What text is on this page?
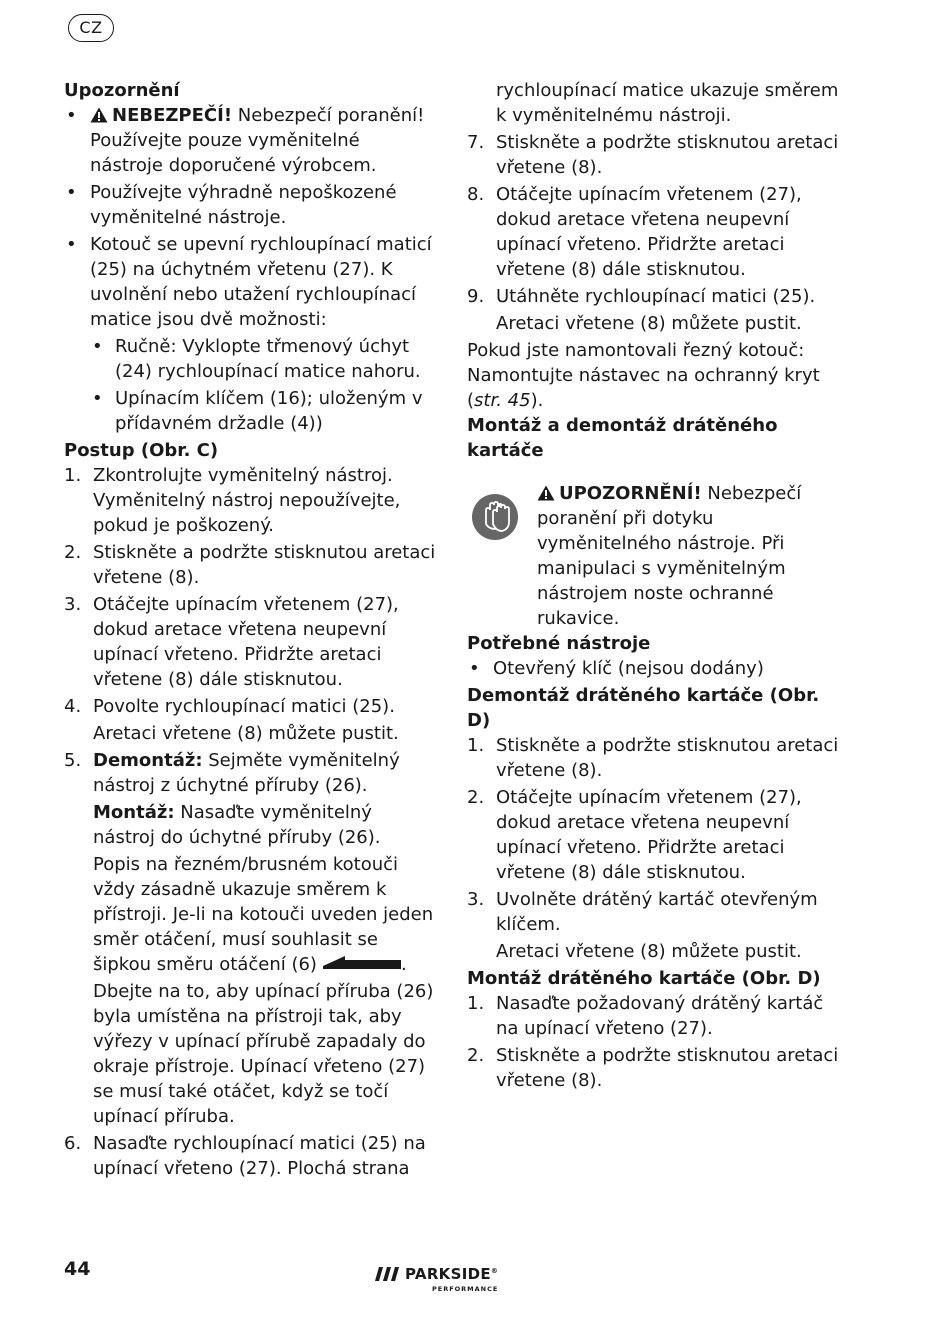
CZ

Upozornění

• NEBEZPEČÍ! Nebezpečí poranění! Používejte pouze vyměnitelné nástroje doporučené výrobcem.
• Používejte výhradně nepoškozené vyměnitelné nástroje.
• Kotouč se upevní rychloupínací maticí (25) na úchytném vřetenu (27). K uvolnění nebo utažení rychloupínací matice jsou dvě možnosti:
• Ručně: Vyklopte třmenový úchyt (24) rychloupínací matice nahoru.
• Upínacím klíčem (16); uloženým v přídavném držadle (4))

Postup (Obr. C)

1. Zkontrolujte vyměnitelný nástroj. Vyměnitelný nástroj nepoužívejte, pokud je poškozený.
2. Stiskněte a podržte stisknutou aretaci vřetene (8).
3. Otáčejte upínacím vřetenem (27), dokud aretace vřetena neupevní upínací vřeteno. Přidržte aretaci vřetene (8) dále stisknutou.
4. Povolte rychloupínací matici (25).
Aretaci vřetene (8) můžete pustit.
5. Demontáž: Sejměte vyměnitelný nástroj z úchytné příruby (26).
Montáž: Nasaďte vyměnitelný nástroj do úchytné příruby (26).
Popis na řezném/brusném kotouči vždy zásadně ukazuje směrem k přístroji. Je-li na kotouči uveden jeden směr otáčení, musí souhlasit se šipkou směru otáčení (6)	.
Dbejte na to, aby upínací příruba (26) byla umístěna na přístroji tak, aby výřezy v upínací přírubě zapadaly do okraje přístroje. Upínací vřeteno (27) se musí také otáčet, když se točí upínací příruba.
6. Nasaďte rychloupínací matici (25) na upínací vřeteno (27). Plochá strana
rychloupínací matice ukazuje směrem k vyměnitelnému nástroji.
7. Stiskněte a podržte stisknutou aretaci vřetene (8).
8. Otáčejte upínacím vřetenem (27), dokud aretace vřetena neupevní upínací vřeteno. Přidržte aretaci vřetene (8) dále stisknutou.
9. Utáhněte rychloupínací matici (25).
Aretaci vřetene (8) můžete pustit.

Pokud jste namontovali řezný kotouč: Namontujte nástavec na ochranný kryt (str. 45).

Montáž a demontáž drátěného kartáče

UPOZORNĚNÍ! Nebezpečí poranění při dotyku vyměnitelného nástroje. Při manipulaci s vyměnitelným nástrojem noste ochranné rukavice.

Potřebné nástroje

• Otevřený klíč (nejsou dodány)

Demontáž drátěného kartáče (Obr. D)

1. Stiskněte a podržte stisknutou aretaci vřetene (8).
2. Otáčejte upínacím vřetenem (27), dokud aretace vřetena neupevní upínací vřeteno. Přidržte aretaci vřetene (8) dále stisknutou.
3. Uvolněte drátěný kartáč otevřeným klíčem.
Aretaci vřetene (8) můžete pustit.

Montáž drátěného kartáče (Obr. D)

1. Nasaďte požadovaný drátěný kartáč na upínací vřeteno (27).
2. Stiskněte a podržte stisknutou aretaci vřetene (8).
44	PARKSIDE®
PERFORMANCE
